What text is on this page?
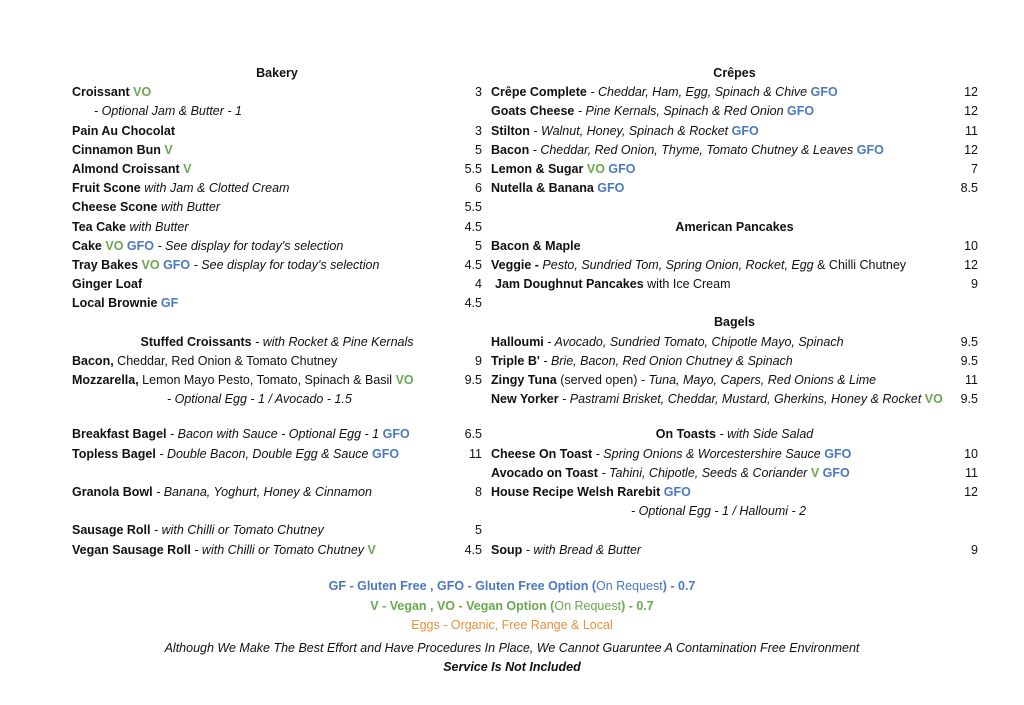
Bakery
Croissant VO	3
- Optional Jam & Butter - 1
Pain Au Chocolat	3
Cinnamon Bun V	5
Almond Croissant V	5.5
Fruit Scone with Jam & Clotted Cream	6
Cheese Scone with Butter	5.5
Tea Cake with Butter	4.5
Cake VO GFO - See display for today's selection	5
Tray Bakes VO GFO - See display for today's selection	4.5
Ginger Loaf	4
Local Brownie GF	4.5
Stuffed Croissants - with Rocket & Pine Kernals
Bacon, Cheddar, Red Onion & Tomato Chutney	9
Mozzarella, Lemon Mayo Pesto, Tomato, Spinach & Basil VO	9.5
- Optional Egg - 1 / Avocado - 1.5
Breakfast Bagel - Bacon with Sauce - Optional Egg - 1 GFO	6.5
Topless Bagel - Double Bacon, Double Egg & Sauce GFO	11
Granola Bowl - Banana, Yoghurt, Honey & Cinnamon	8
Sausage Roll - with Chilli or Tomato Chutney	5
Vegan Sausage Roll - with Chilli or Tomato Chutney V	4.5
Crêpes
Crêpe Complete - Cheddar, Ham, Egg, Spinach & Chive GFO	12
Goats Cheese - Pine Kernals, Spinach & Red Onion GFO	12
Stilton - Walnut, Honey, Spinach & Rocket GFO	11
Bacon - Cheddar, Red Onion, Thyme, Tomato Chutney & Leaves GFO	12
Lemon & Sugar VO GFO	7
Nutella & Banana GFO	8.5
American Pancakes
Bacon & Maple	10
Veggie - Pesto, Sundried Tom, Spring Onion, Rocket, Egg & Chilli Chutney	12
Jam Doughnut Pancakes with Ice Cream	9
Bagels
Halloumi - Avocado, Sundried Tomato, Chipotle Mayo, Spinach	9.5
Triple B' - Brie, Bacon, Red Onion Chutney & Spinach	9.5
Zingy Tuna (served open) - Tuna, Mayo, Capers, Red Onions & Lime	11
New Yorker - Pastrami Brisket, Cheddar, Mustard, Gherkins, Honey & Rocket VO 9.5
On Toasts - with Side Salad
Cheese On Toast - Spring Onions & Worcestershire Sauce GFO	10
Avocado on Toast - Tahini, Chipotle, Seeds & Coriander V GFO	11
House Recipe Welsh Rarebit GFO	12
- Optional Egg - 1 / Halloumi - 2
Soup - with Bread & Butter	9
GF - Gluten Free , GFO - Gluten Free Option (On Request) - 0.7
V - Vegan , VO - Vegan Option (On Request) - 0.7
Eggs - Organic, Free Range & Local
Although We Make The Best Effort and Have Procedures In Place, We Cannot Guaruntee A Contamination Free Environment
Service Is Not Included
